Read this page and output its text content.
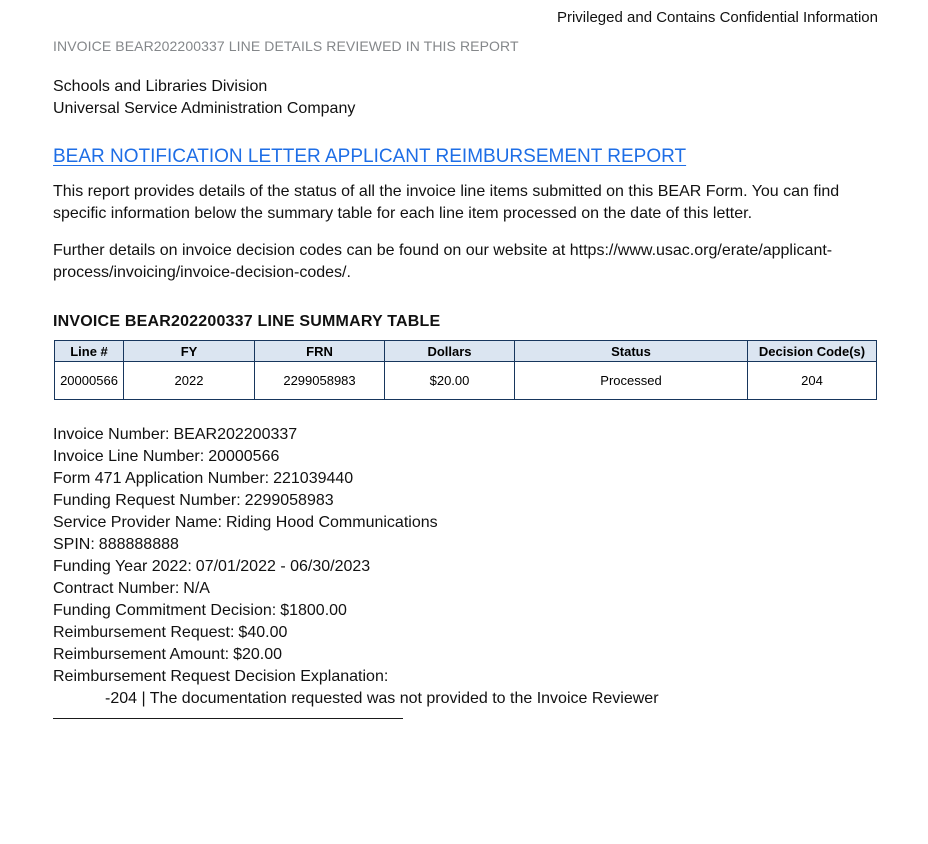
Privileged and Contains Confidential Information
INVOICE BEAR202200337 LINE DETAILS REVIEWED IN THIS REPORT
Schools and Libraries Division
Universal Service Administration Company
BEAR NOTIFICATION LETTER APPLICANT REIMBURSEMENT REPORT

This report provides details of the status of all the invoice line items submitted on this BEAR Form. You can find specific information below the summary table for each line item processed on the date of this letter.

Further details on invoice decision codes can be found on our website at https://www.usac.org/erate/applicant-process/invoicing/invoice-decision-codes/.

INVOICE BEAR202200337 LINE SUMMARY TABLE
Line #	FY	FRN	Dollars	Status	Decision Code(s)
20000566	2022	2299058983	$20.00	Processed	204
Invoice Number: BEAR202200337
Invoice Line Number: 20000566
Form 471 Application Number: 221039440
Funding Request Number: 2299058983
Service Provider Name: Riding Hood Communications
SPIN: 888888888
Funding Year 2022: 07/01/2022 - 06/30/2023
Contract Number: N/A
Funding Commitment Decision: $1800.00
Reimbursement Request: $40.00
Reimbursement Amount: $20.00
Reimbursement Request Decision Explanation:
-204 | The documentation requested was not provided to the Invoice Reviewer
